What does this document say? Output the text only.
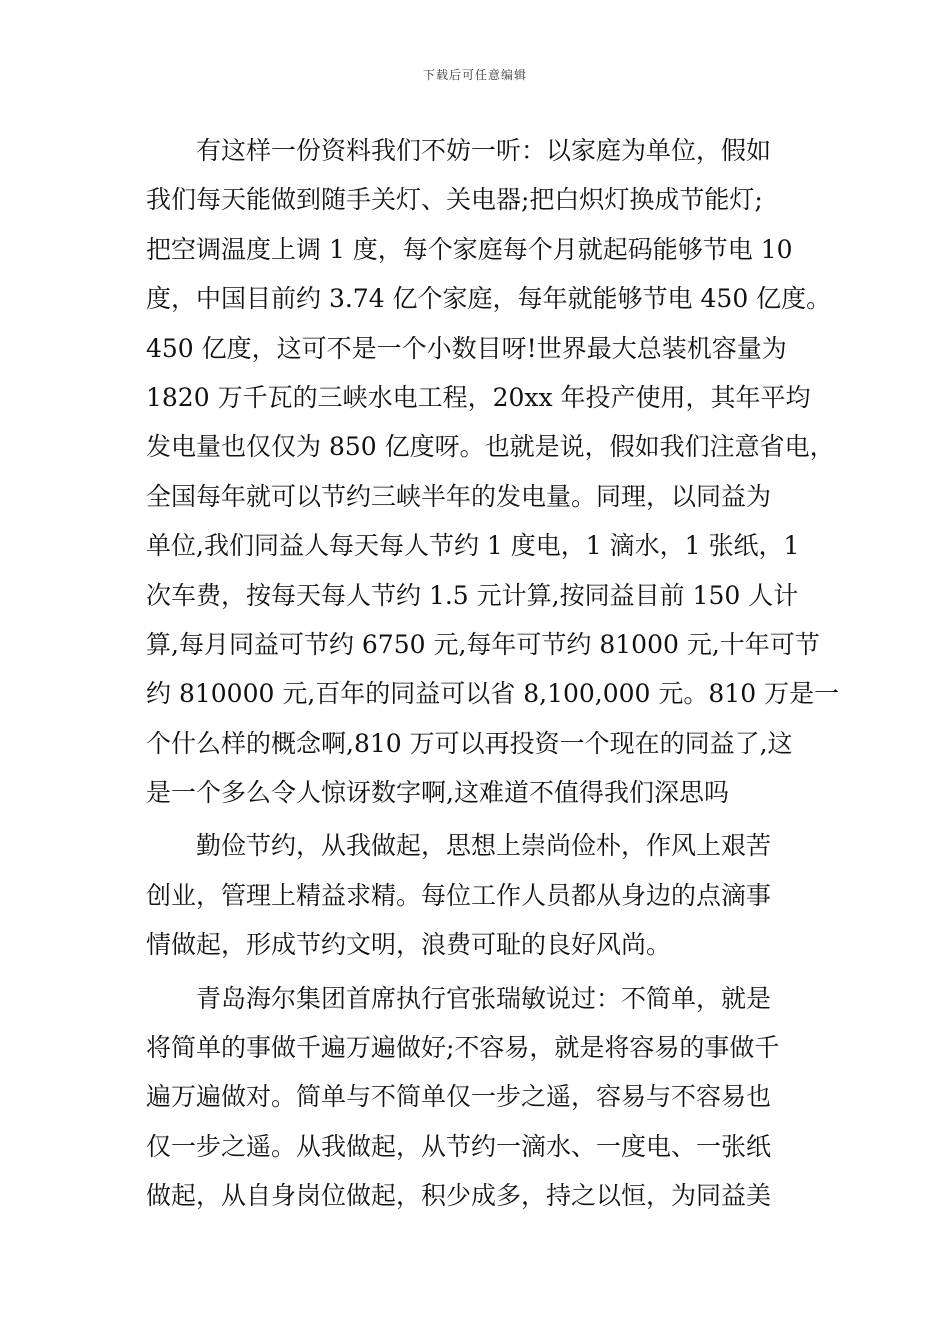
下载后可任意编辑
有这样一份资料我们不妨一听：以家庭为单位，假如
我们每天能做到随手关灯、关电器;把白炽灯换成节能灯;
把空调温度上调 1 度，每个家庭每个月就起码能够节电 10
度，中国目前约 3.74 亿个家庭，每年就能够节电 450 亿度。
450 亿度，这可不是一个小数目呀!世界最大总装机容量为
1820 万千瓦的三峡水电工程，20xx 年投产使用，其年平均
发电量也仅仅为 850 亿度呀。也就是说，假如我们注意省电，
全国每年就可以节约三峡半年的发电量。同理，以同益为
单位,我们同益人每天每人节约 1 度电，1 滴水，1 张纸，1
次车费，按每天每人节约 1.5 元计算,按同益目前 150 人计
算,每月同益可节约 6750 元,每年可节约 81000 元,十年可节
约 810000 元,百年的同益可以省 8,100,000 元。810 万是一
个什么样的概念啊,810 万可以再投资一个现在的同益了,这
是一个多么令人惊讶数字啊,这难道不值得我们深思吗
勤俭节约，从我做起，思想上崇尚俭朴，作风上艰苦
创业，管理上精益求精。每位工作人员都从身边的点滴事
情做起，形成节约文明，浪费可耻的良好风尚。
青岛海尔集团首席执行官张瑞敏说过：不简单，就是
将简单的事做千遍万遍做好;不容易，就是将容易的事做千
遍万遍做对。简单与不简单仅一步之遥，容易与不容易也
仅一步之遥。从我做起，从节约一滴水、一度电、一张纸
做起，从自身岗位做起，积少成多，持之以恒，为同益美
